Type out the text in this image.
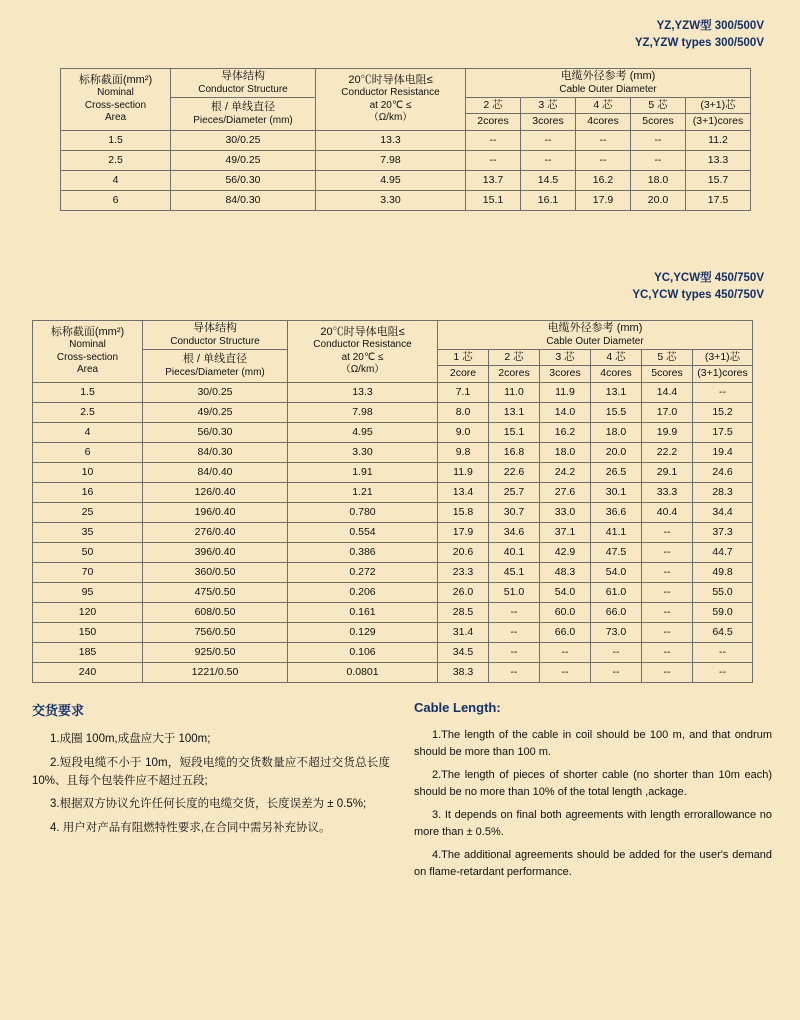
YZ,YZW型 300/500V
YZ,YZW types 300/500V
标称截面(mm²)
Nominal
Cross-section
Area

导体结构
Conductor Structure

20℃时导体电阻≤
Conductor Resistance
at 20℃ ≤
（Ω/km）

电缆外径参考 (mm)
Cable Outer Diameter

	根 / 单线直径
Pieces/Diameter (mm)		2 芯	3 芯	4 芯	5 芯	(3+1)芯
			2cores	3cores	4cores	5cores	(3+1)cores
1.5	30/0.25	13.3	--	--	--	--	11.2
2.5	49/0.25	7.98	--	--	--	--	13.3
4	56/0.30	4.95	13.7	14.5	16.2	18.0	15.7
6	84/0.30	3.30	15.1	16.1	17.9	20.0	17.5
YC,YCW型 450/750V
YC,YCW types 450/750V
标称截面(mm²)
Nominal
Cross-section
Area

导体结构
Conductor Structure

20℃时导体电阻≤
Conductor Resistance
at 20℃ ≤
（Ω/km）

电缆外径参考 (mm)
Cable Outer Diameter

	根 / 单线直径
Pieces/Diameter (mm)		1 芯	2 芯	3 芯	4 芯	5 芯	(3+1)芯
			2core	2cores	3cores	4cores	5cores	(3+1)cores
1.5	30/0.25	13.3	7.1	11.0	11.9	13.1	14.4	--
2.5	49/0.25	7.98	8.0	13.1	14.0	15.5	17.0	15.2
4	56/0.30	4.95	9.0	15.1	16.2	18.0	19.9	17.5
6	84/0.30	3.30	9.8	16.8	18.0	20.0	22.2	19.4
10	84/0.40	1.91	11.9	22.6	24.2	26.5	29.1	24.6
16	126/0.40	1.21	13.4	25.7	27.6	30.1	33.3	28.3
25	196/0.40	0.780	15.8	30.7	33.0	36.6	40.4	34.4
35	276/0.40	0.554	17.9	34.6	37.1	41.1	--	37.3
50	396/0.40	0.386	20.6	40.1	42.9	47.5	--	44.7
70	360/0.50	0.272	23.3	45.1	48.3	54.0	--	49.8
95	475/0.50	0.206	26.0	51.0	54.0	61.0	--	55.0
120	608/0.50	0.161	28.5	--	60.0	66.0	--	59.0
150	756/0.50	0.129	31.4	--	66.0	73.0	--	64.5
185	925/0.50	0.106	34.5	--	--	--	--	--
240	1221/0.50	0.0801	38.3	--	--	--	--	--
交货要求

1.成圈 100m,成盘应大于 100m;

2.短段电缆不小于 10m，短段电缆的交货数量应不超过交货总长度 10%、且每个包装件应不超过五段;

3.根据双方协议允许任何长度的电缆交货，长度误差为 ± 0.5%;

4. 用户对产品有阻燃特性要求,在合同中需另补充协议。

Cable Length:

1.The length of the cable in coil should be 100 m, and that ondrum should be more than 100 m.

2.The length of pieces of shorter cable (no shorter than 10m each) should be no more than 10% of the total length ,ackage.

3. It depends on final both agreements with length errorallowance no more than ± 0.5%.

4.The additional agreements should be added for the user's demand on flame-retardant performance.
